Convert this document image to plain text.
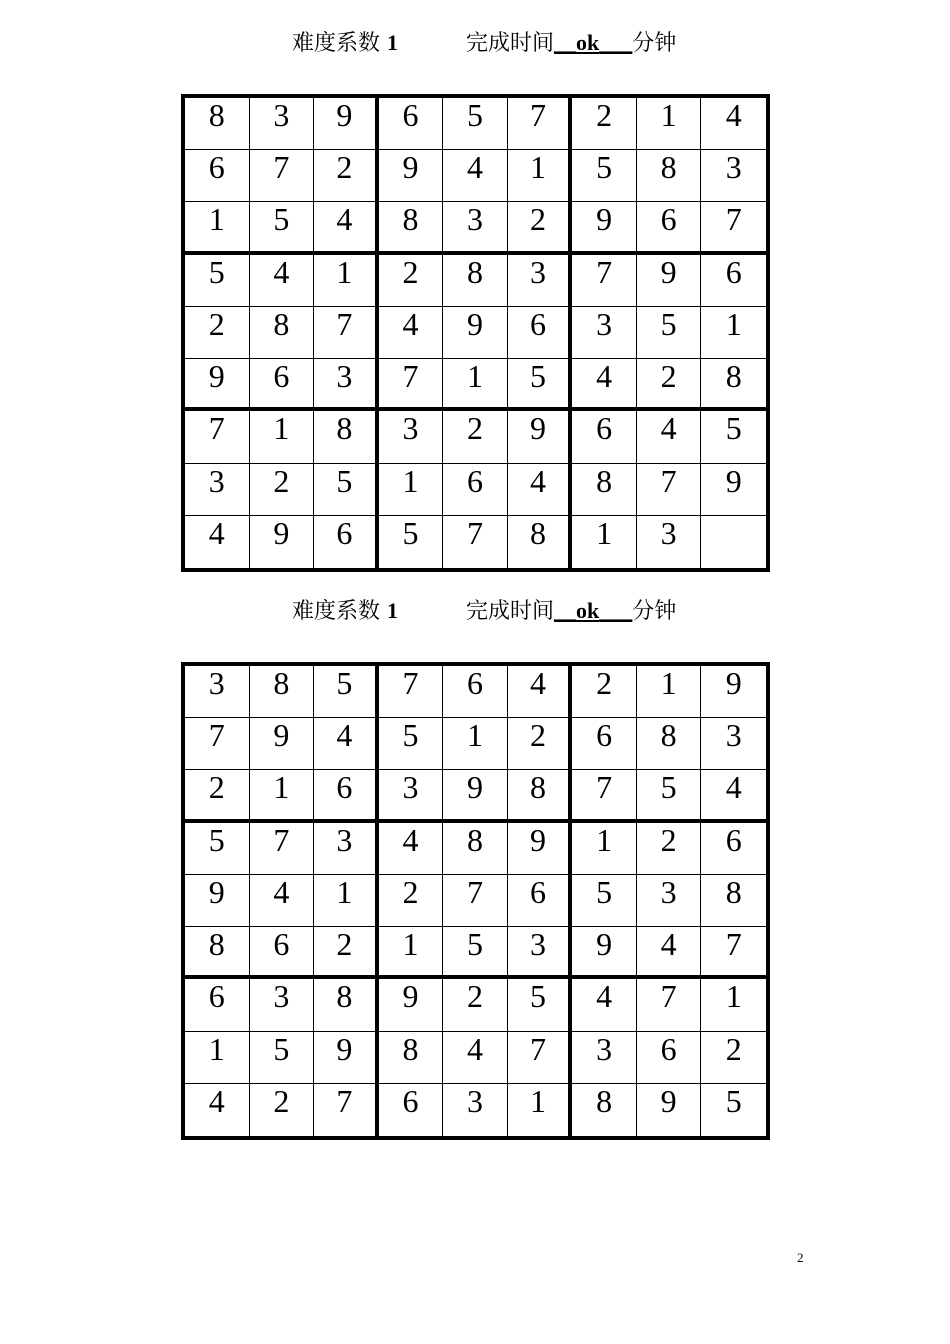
难度系数 1	完成时间__ok___分钟
8	3	9	6	5	7	2	1	4
6	7	2	9	4	1	5	8	3
1	5	4	8	3	2	9	6	7
5	4	1	2	8	3	7	9	6
2	8	7	4	9	6	3	5	1
9	6	3	7	1	5	4	2	8
7	1	8	3	2	9	6	4	5
3	2	5	1	6	4	8	7	9
4	9	6	5	7	8	1	3
难度系数 1	完成时间__ok___分钟
3	8	5	7	6	4	2	1	9
7	9	4	5	1	2	6	8	3
2	1	6	3	9	8	7	5	4
5	7	3	4	8	9	1	2	6
9	4	1	2	7	6	5	3	8
8	6	2	1	5	3	9	4	7
6	3	8	9	2	5	4	7	1
1	5	9	8	4	7	3	6	2
4	2	7	6	3	1	8	9	5
2
